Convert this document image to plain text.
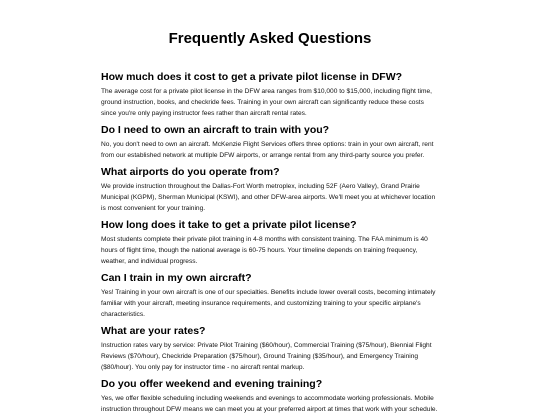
Frequently Asked Questions
How much does it cost to get a private pilot license in DFW?

The average cost for a private pilot license in the DFW area ranges from $10,000 to $15,000, including flight time, ground instruction, books, and checkride fees. Training in your own aircraft can significantly reduce these costs since you're only paying instructor fees rather than aircraft rental rates.

Do I need to own an aircraft to train with you?

No, you don't need to own an aircraft. McKenzie Flight Services offers three options: train in your own aircraft, rent from our established network at multiple DFW airports, or arrange rental from any third-party source you prefer.

What airports do you operate from?

We provide instruction throughout the Dallas-Fort Worth metroplex, including 52F (Aero Valley), Grand Prairie Municipal (KGPM), Sherman Municipal (KSWI), and other DFW-area airports. We'll meet you at whichever location is most convenient for your training.

How long does it take to get a private pilot license?

Most students complete their private pilot training in 4-8 months with consistent training. The FAA minimum is 40 hours of flight time, though the national average is 60-75 hours. Your timeline depends on training frequency, weather, and individual progress.

Can I train in my own aircraft?

Yes! Training in your own aircraft is one of our specialties. Benefits include lower overall costs, becoming intimately familiar with your aircraft, meeting insurance requirements, and customizing training to your specific airplane's characteristics.

What are your rates?

Instruction rates vary by service: Private Pilot Training ($60/hour), Commercial Training ($75/hour), Biennial Flight Reviews ($70/hour), Checkride Preparation ($75/hour), Ground Training ($35/hour), and Emergency Training ($80/hour). You only pay for instructor time - no aircraft rental markup.

Do you offer weekend and evening training?

Yes, we offer flexible scheduling including weekends and evenings to accommodate working professionals. Mobile instruction throughout DFW means we can meet you at your preferred airport at times that work with your schedule.
